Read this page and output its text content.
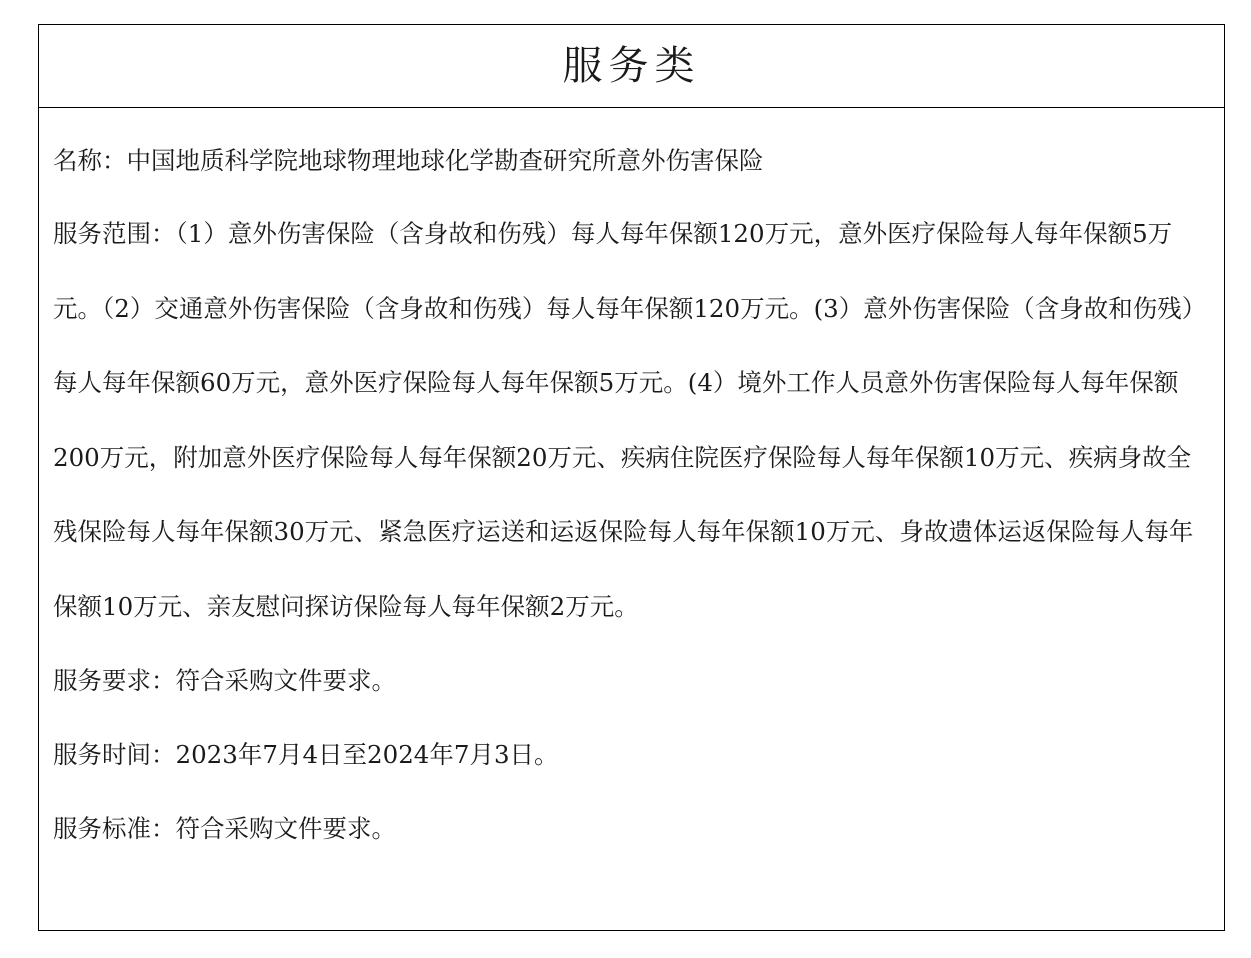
服务类

名称：中国地质科学院地球物理地球化学勘查研究所意外伤害保险

服务范围：（1）意外伤害保险（含身故和伤残）每人每年保额120万元，意外医疗保险每人每年保额5万元。（2）交通意外伤害保险（含身故和伤残）每人每年保额120万元。(3）意外伤害保险（含身故和伤残）每人每年保额60万元，意外医疗保险每人每年保额5万元。(4）境外工作人员意外伤害保险每人每年保额200万元，附加意外医疗保险每人每年保额20万元、疾病住院医疗保险每人每年保额10万元、疾病身故全残保险每人每年保额30万元、紧急医疗运送和运返保险每人每年保额10万元、身故遗体运返保险每人每年保额10万元、亲友慰问探访保险每人每年保额2万元。

服务要求：符合采购文件要求。

服务时间：2023年7月4日至2024年7月3日。

服务标准：符合采购文件要求。
